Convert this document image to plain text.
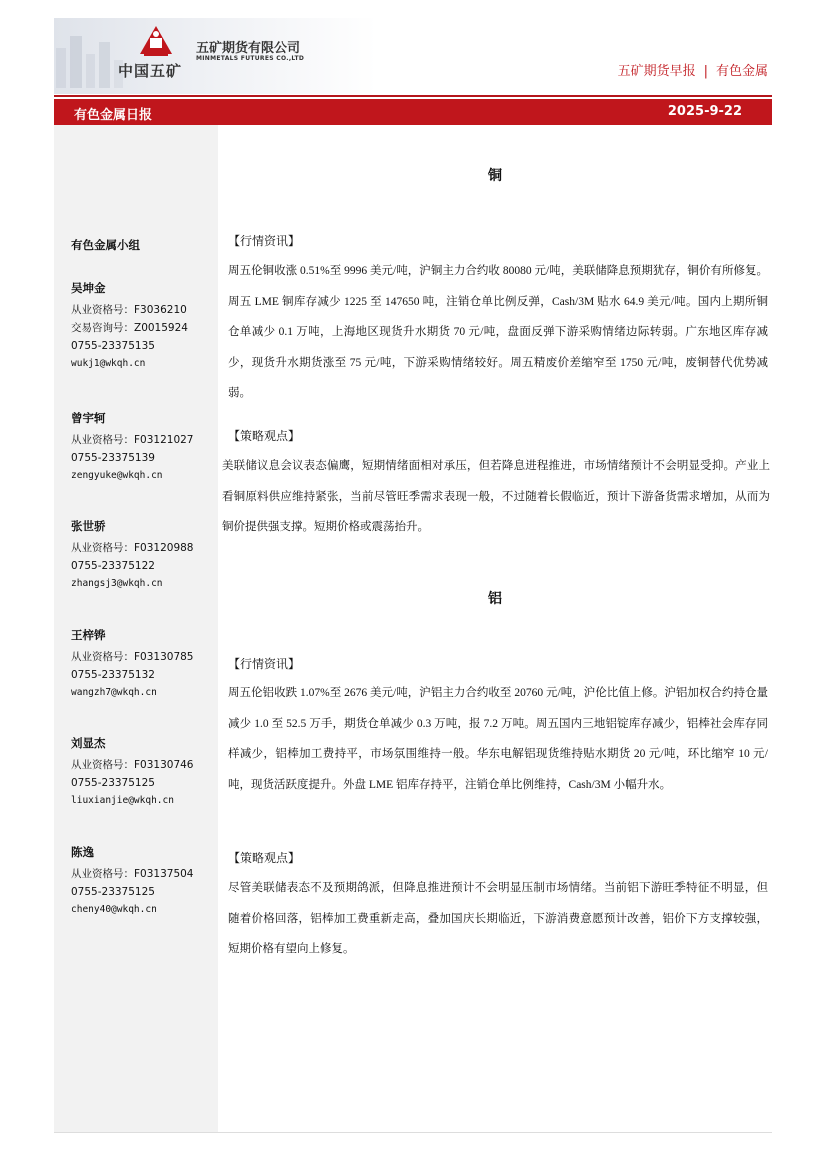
中国五矿
五矿期货有限公司
MINMETALS FUTURES CO.,LTD
五矿期货早报 | 有色金属
有色金属日报	2025-9-22
有色金属小组
吴坤金
从业资格号：F3036210
交易咨询号：Z0015924
0755-23375135
wukj1@wkqh.cn
曾宇轲
从业资格号：F03121027
0755-23375139
zengyuke@wkqh.cn
张世骄
从业资格号：F03120988
0755-23375122
zhangsj3@wkqh.cn
王梓铧
从业资格号：F03130785
0755-23375132
wangzh7@wkqh.cn
刘显杰
从业资格号：F03130746
0755-23375125
liuxianjie@wkqh.cn
陈逸
从业资格号：F03137504
0755-23375125
cheny40@wkqh.cn
铜
【行情资讯】
周五伦铜收涨 0.51%至 9996 美元/吨，沪铜主力合约收 80080 元/吨，美联储降息预期犹存，铜价有所修复。周五 LME 铜库存减少 1225 至 147650 吨，注销仓单比例反弹，Cash/3M 贴水 64.9 美元/吨。国内上期所铜仓单减少 0.1 万吨，上海地区现货升水期货 70 元/吨，盘面反弹下游采购情绪边际转弱。广东地区库存减少，现货升水期货涨至 75 元/吨，下游采购情绪较好。周五精废价差缩窄至 1750 元/吨，废铜替代优势减弱。
【策略观点】
美联储议息会议表态偏鹰，短期情绪面相对承压，但若降息进程推进，市场情绪预计不会明显受抑。产业上看铜原料供应维持紧张，当前尽管旺季需求表现一般，不过随着长假临近，预计下游备货需求增加，从而为铜价提供强支撑。短期价格或震荡抬升。
铝
【行情资讯】
周五伦铝收跌 1.07%至 2676 美元/吨，沪铝主力合约收至 20760 元/吨，沪伦比值上修。沪铝加权合约持仓量减少 1.0 至 52.5 万手，期货仓单减少 0.3 万吨，报 7.2 万吨。周五国内三地铝锭库存减少，铝棒社会库存同样减少，铝棒加工费持平，市场氛围维持一般。华东电解铝现货维持贴水期货 20 元/吨，环比缩窄 10 元/吨，现货活跃度提升。外盘 LME 铝库存持平，注销仓单比例维持，Cash/3M 小幅升水。
【策略观点】
尽管美联储表态不及预期鸽派，但降息推进预计不会明显压制市场情绪。当前铝下游旺季特征不明显，但随着价格回落，铝棒加工费重新走高，叠加国庆长期临近，下游消费意愿预计改善，铝价下方支撑较强，短期价格有望向上修复。
